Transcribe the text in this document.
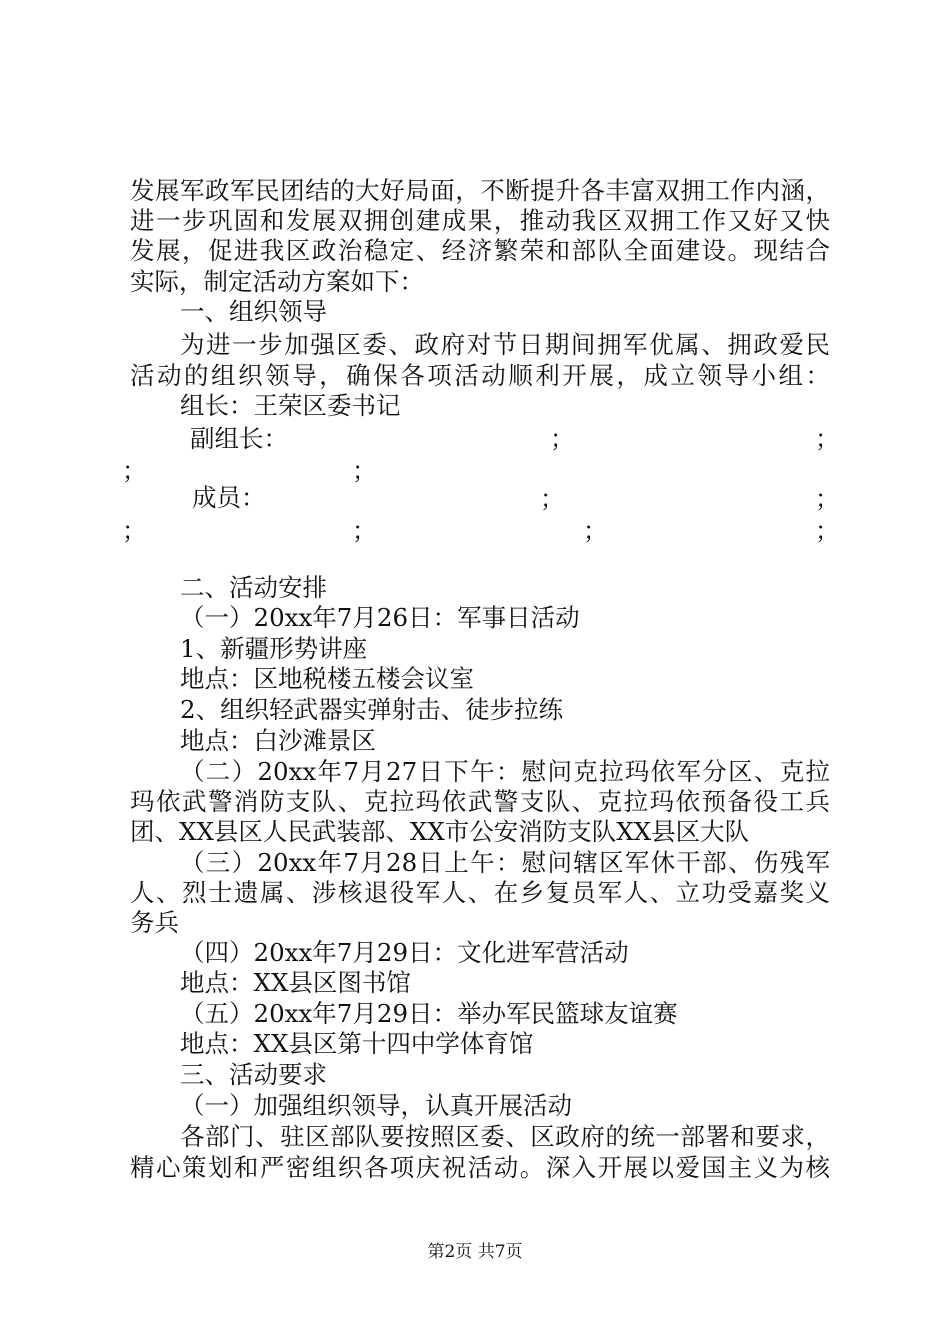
发展军政军民团结的大好局面，不断提升各丰富双拥工作内涵，
进一步巩固和发展双拥创建成果，推动我区双拥工作又好又快
发展，促进我区政治稳定、经济繁荣和部队全面建设。现结合
实际，制定活动方案如下：
一、组织领导
为进一步加强区委、政府对节日期间拥军优属、拥政爱民
活动的组织领导，确保各项活动顺利开展，成立领导小组：
组长：王荣区委书记
副组长：	；	；
；	；
成员：	；	；
；	；	；	；
二、活动安排
（一）20xx年7月26日：军事日活动
1、新疆形势讲座
地点：区地税楼五楼会议室
2、组织轻武器实弹射击、徒步拉练
地点：白沙滩景区
（二）20xx年7月27日下午：慰问克拉玛依军分区、克拉
玛依武警消防支队、克拉玛依武警支队、克拉玛依预备役工兵
团、XX县区人民武装部、XX市公安消防支队XX县区大队
（三）20xx年7月28日上午：慰问辖区军休干部、伤残军
人、烈士遗属、涉核退役军人、在乡复员军人、立功受嘉奖义
务兵
（四）20xx年7月29日：文化进军营活动
地点：XX县区图书馆
（五）20xx年7月29日：举办军民篮球友谊赛
地点：XX县区第十四中学体育馆
三、活动要求
（一）加强组织领导，认真开展活动
各部门、驻区部队要按照区委、区政府的统一部署和要求，
精心策划和严密组织各项庆祝活动。深入开展以爱国主义为核
第2页 共7页
